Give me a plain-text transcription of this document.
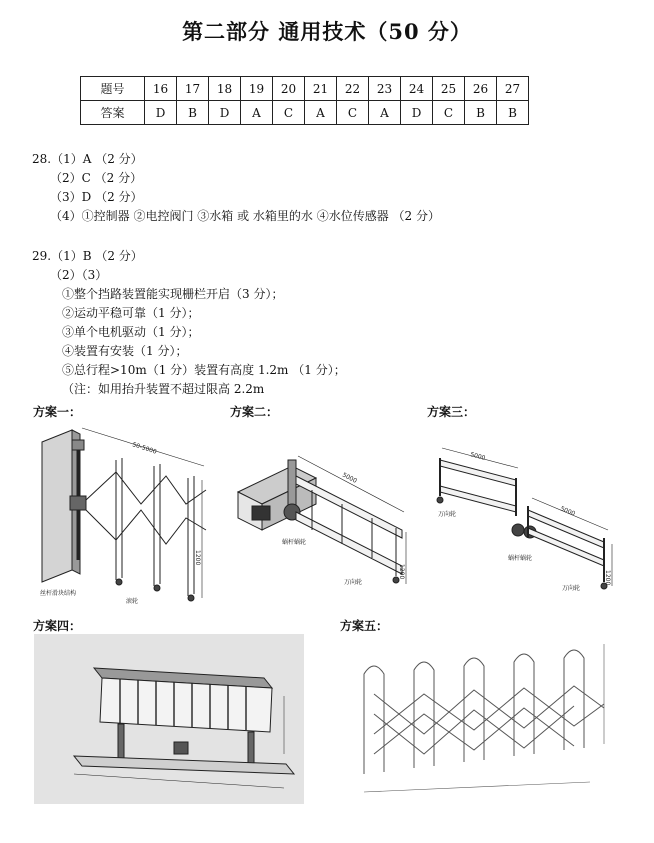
第二部分 通用技术（50 分）
题号	16	17	18	19	20	21	22	23	24	25	26	27
答案	D	B	D	A	C	A	C	A	D	C	B	B
28.（1）A （2 分）
（2）C （2 分）
（3）D （2 分）
（4）①控制器 ②电控阀门 ③水箱 或 水箱里的水 ④水位传感器 （2 分）
29.（1）B （2 分）
（2）（3）
①整个挡路装置能实现栅栏开启（3 分）；
②运动平稳可靠（1 分）；
③单个电机驱动（1 分）；
④装置有安装（1 分）；
⑤总行程>10m（1 分）装置有高度 1.2m （1 分）；
（注：如用抬升装置不超过限高 2.2m
方案一：	方案二：	方案三：
方案四：	方案五：
50-5000
1200
丝杆滑块结构
滚轮
5000
1200
蜗杆蜗轮
万向轮
5000
5000
1200
万向轮
蜗杆蜗轮
万向轮
